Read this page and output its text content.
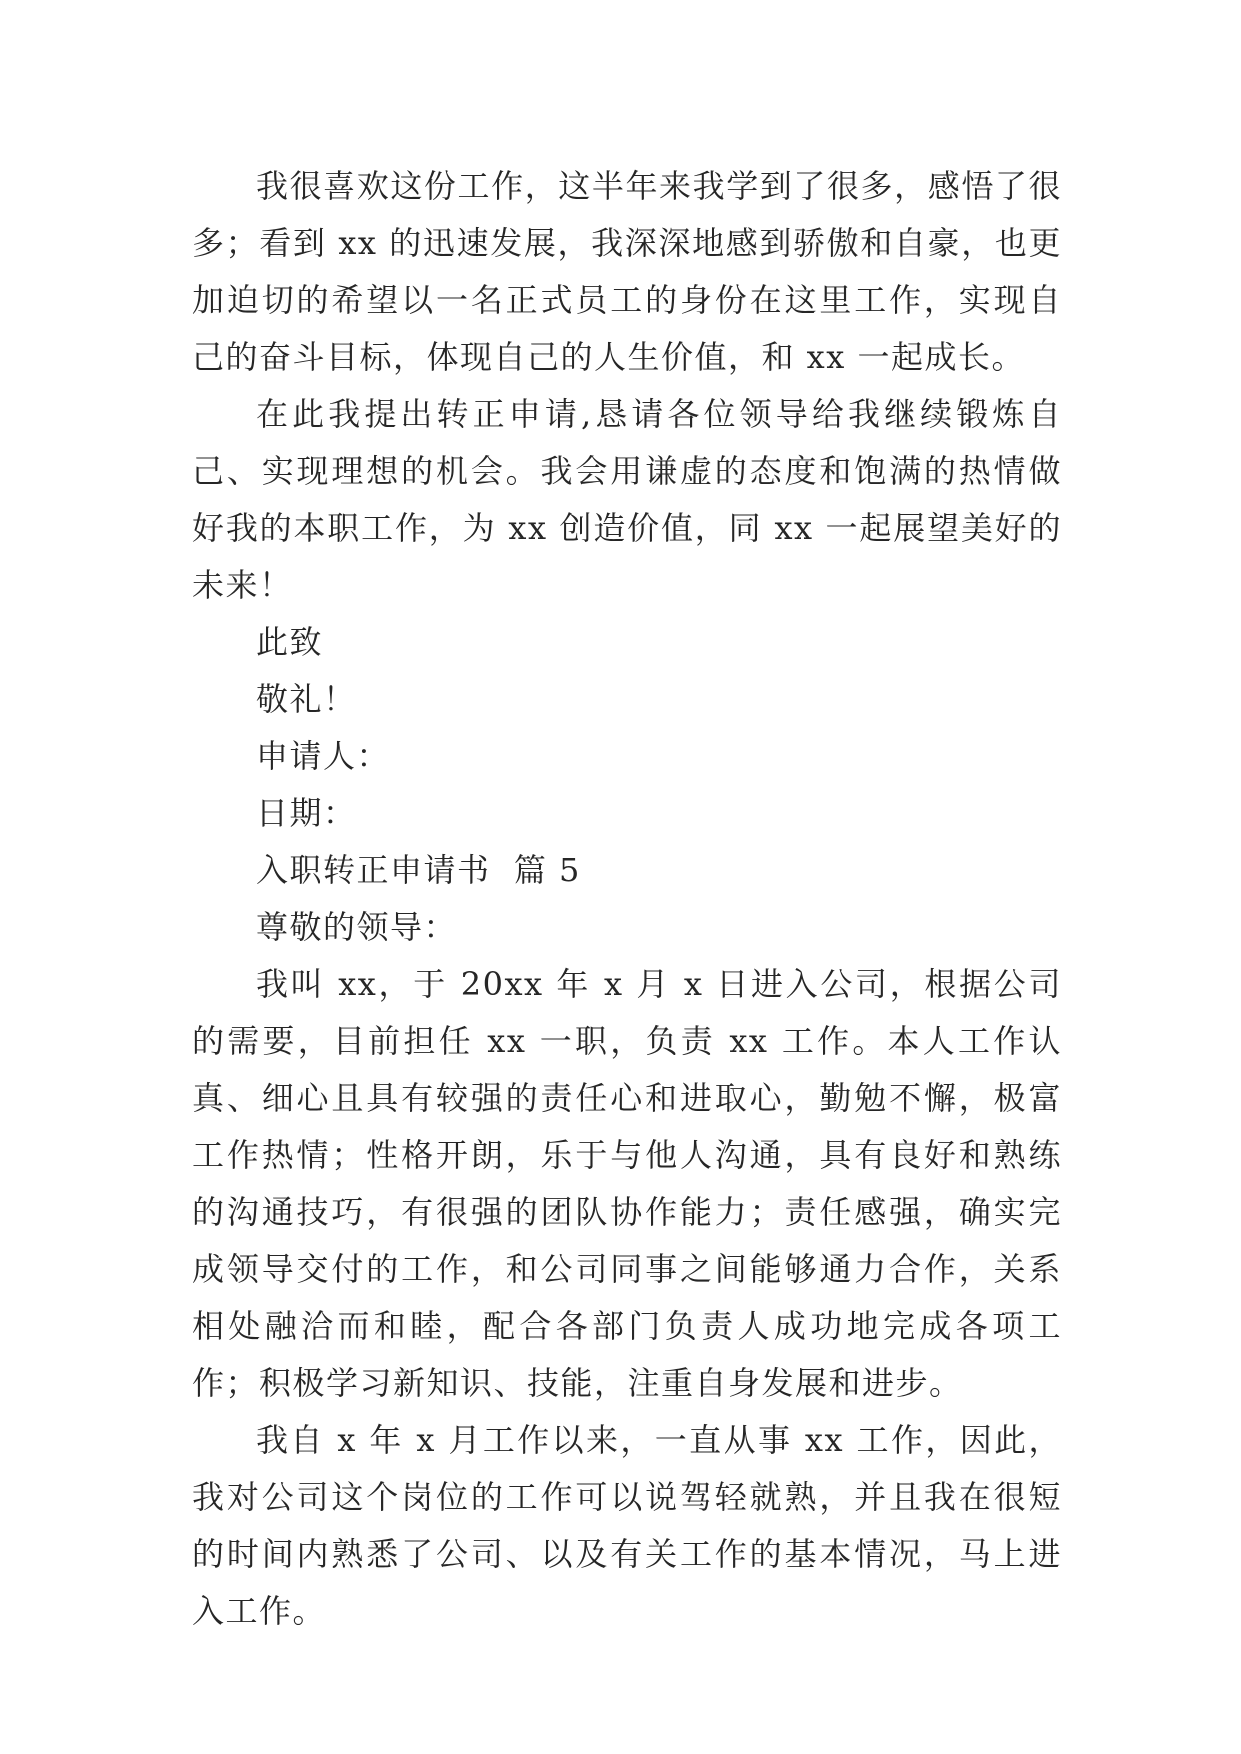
我很喜欢这份工作，这半年来我学到了很多，感悟了很多；看到 xx 的迅速发展，我深深地感到骄傲和自豪，也更加迫切的希望以一名正式员工的身份在这里工作，实现自己的奋斗目标，体现自己的人生价值，和 xx 一起成长。

在此我提出转正申请,恳请各位领导给我继续锻炼自己、实现理想的机会。我会用谦虚的态度和饱满的热情做好我的本职工作，为 xx 创造价值，同 xx 一起展望美好的未来！

此致

敬礼！

申请人：

日期：

入职转正申请书  篇 5

尊敬的领导：

我叫 xx，于 20xx 年 x 月 x 日进入公司，根据公司的需要，目前担任 xx 一职，负责 xx 工作。本人工作认真、细心且具有较强的责任心和进取心，勤勉不懈，极富工作热情；性格开朗，乐于与他人沟通，具有良好和熟练的沟通技巧，有很强的团队协作能力；责任感强，确实完成领导交付的工作，和公司同事之间能够通力合作，关系相处融洽而和睦，配合各部门负责人成功地完成各项工作；积极学习新知识、技能，注重自身发展和进步。

我自 x 年 x 月工作以来，一直从事 xx 工作，因此，我对公司这个岗位的工作可以说驾轻就熟，并且我在很短的时间内熟悉了公司、以及有关工作的基本情况，马上进入工作。
